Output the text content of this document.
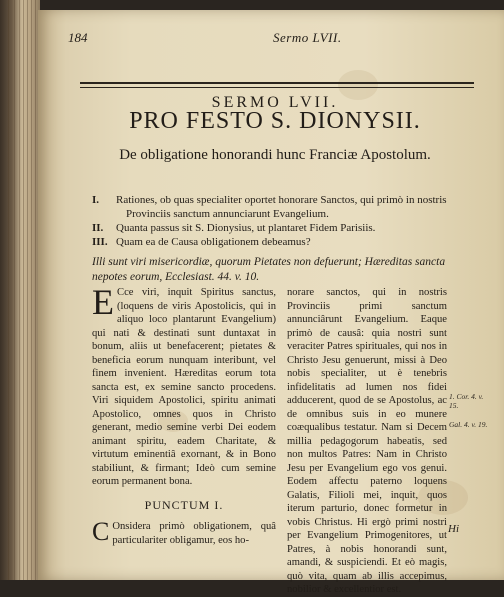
184	Sermo LVII.
SERMO LVII.
PRO FESTO S. DIONYSII.
De obligatione honorandi hunc Franciæ Apostolum.
I. Rationes, ob quas specialiter oportet honorare Sanctos, qui primò in nostris
Provinciis sanctum annunciarunt Evangelium.
II. Quanta passus sit S. Dionysius, ut plantaret Fidem Parisiis.
III. Quam ea de Causa obligationem debeamus?
Illi sunt viri misericordiæ, quorum Pietates non defuerunt; Hæreditas sancta nepotes eorum, Ecclesiast. 44. v. 10.

E Cce viri, inquit Spiritus sanctus, (loquens de viris Apostolicis, qui in aliquo loco plantarunt Evangelium) qui nati & destinati sunt duntaxat in bonum, aliis ut benefacerent; pietates & beneficia eorum nunquam interibunt, vel finem invenient. Hæreditas eorum tota sancta est, ex semine sancto procedens. Viri siquidem Apostolici, spiritu animati Apostolico, omnes quos in Christo generant, medio semine verbi Dei eodem animant spiritu, eadem Charitate, & virtutum eminentiâ exornant, & in Bono stabiliunt, & firmant; Ideò cum semine eorum permanent bona.

PUNCTUM I.

C Onsidera primò obligationem, quâ particulariter obligamur, eos ho-

norare sanctos, qui in nostris Provinciis primi sanctum annunciârunt Evangelium. Eaque primò de causâ: quia nostri sunt veraciter Patres spirituales, qui nos in Christo Jesu genuerunt, missi à Deo nobis specialiter, ut è tenebris infidelitatis ad lumen nos fidei adducerent, quod de se Apostolus, ac de omnibus suis in eo munere coæqualibus testatur. Nam si Decem millia pedagogorum habeatis, sed non multos Patres: Nam in Christo Jesu per Evangelium ego vos genui. Eodem affectu paterno loquens Galatis, Filioli mei, inquit, quos iterum parturio, donec formetur in vobis Christus. Hi ergò primi nostri per Evangelium Primogenitores, ut Patres, à nobis honorandi sunt, amandi, & suspiciendi. Et eò magis, quò vita, quam ab illis accepimus, nobilior & excellentior est.

1. Cor. 4. v. 15.
Gal. 4. v. 19.
Hi
